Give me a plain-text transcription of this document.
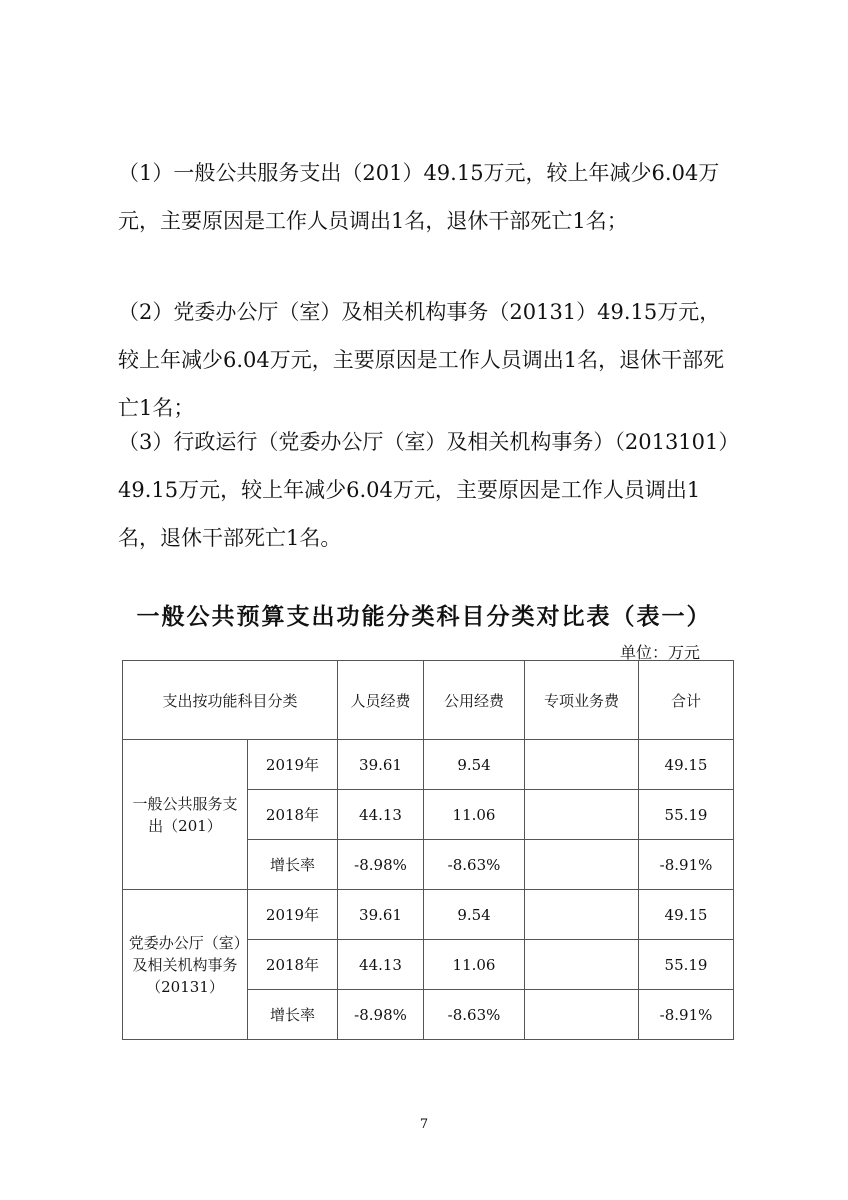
（1）一般公共服务支出（201）49.15万元，较上年减少6.04万元，主要原因是工作人员调出1名，退休干部死亡1名；

（2）党委办公厅（室）及相关机构事务（20131）49.15万元，较上年减少6.04万元，主要原因是工作人员调出1名，退休干部死亡1名；

（3）行政运行（党委办公厅（室）及相关机构事务）（2013101）49.15万元，较上年减少6.04万元，主要原因是工作人员调出1名，退休干部死亡1名。

一般公共预算支出功能分类科目分类对比表（表一）
单位：万元
支出按功能科目分类		人员经费	公用经费	专项业务费	合计
一般公共服务支出（201）	2019年	39.61	9.54		49.15
	2018年	44.13	11.06		55.19
	增长率	-8.98%	-8.63%		-8.91%
党委办公厅（室）及相关机构事务（20131）	2019年	39.61	9.54		49.15
	2018年	44.13	11.06		55.19
	增长率	-8.98%	-8.63%		-8.91%
7
